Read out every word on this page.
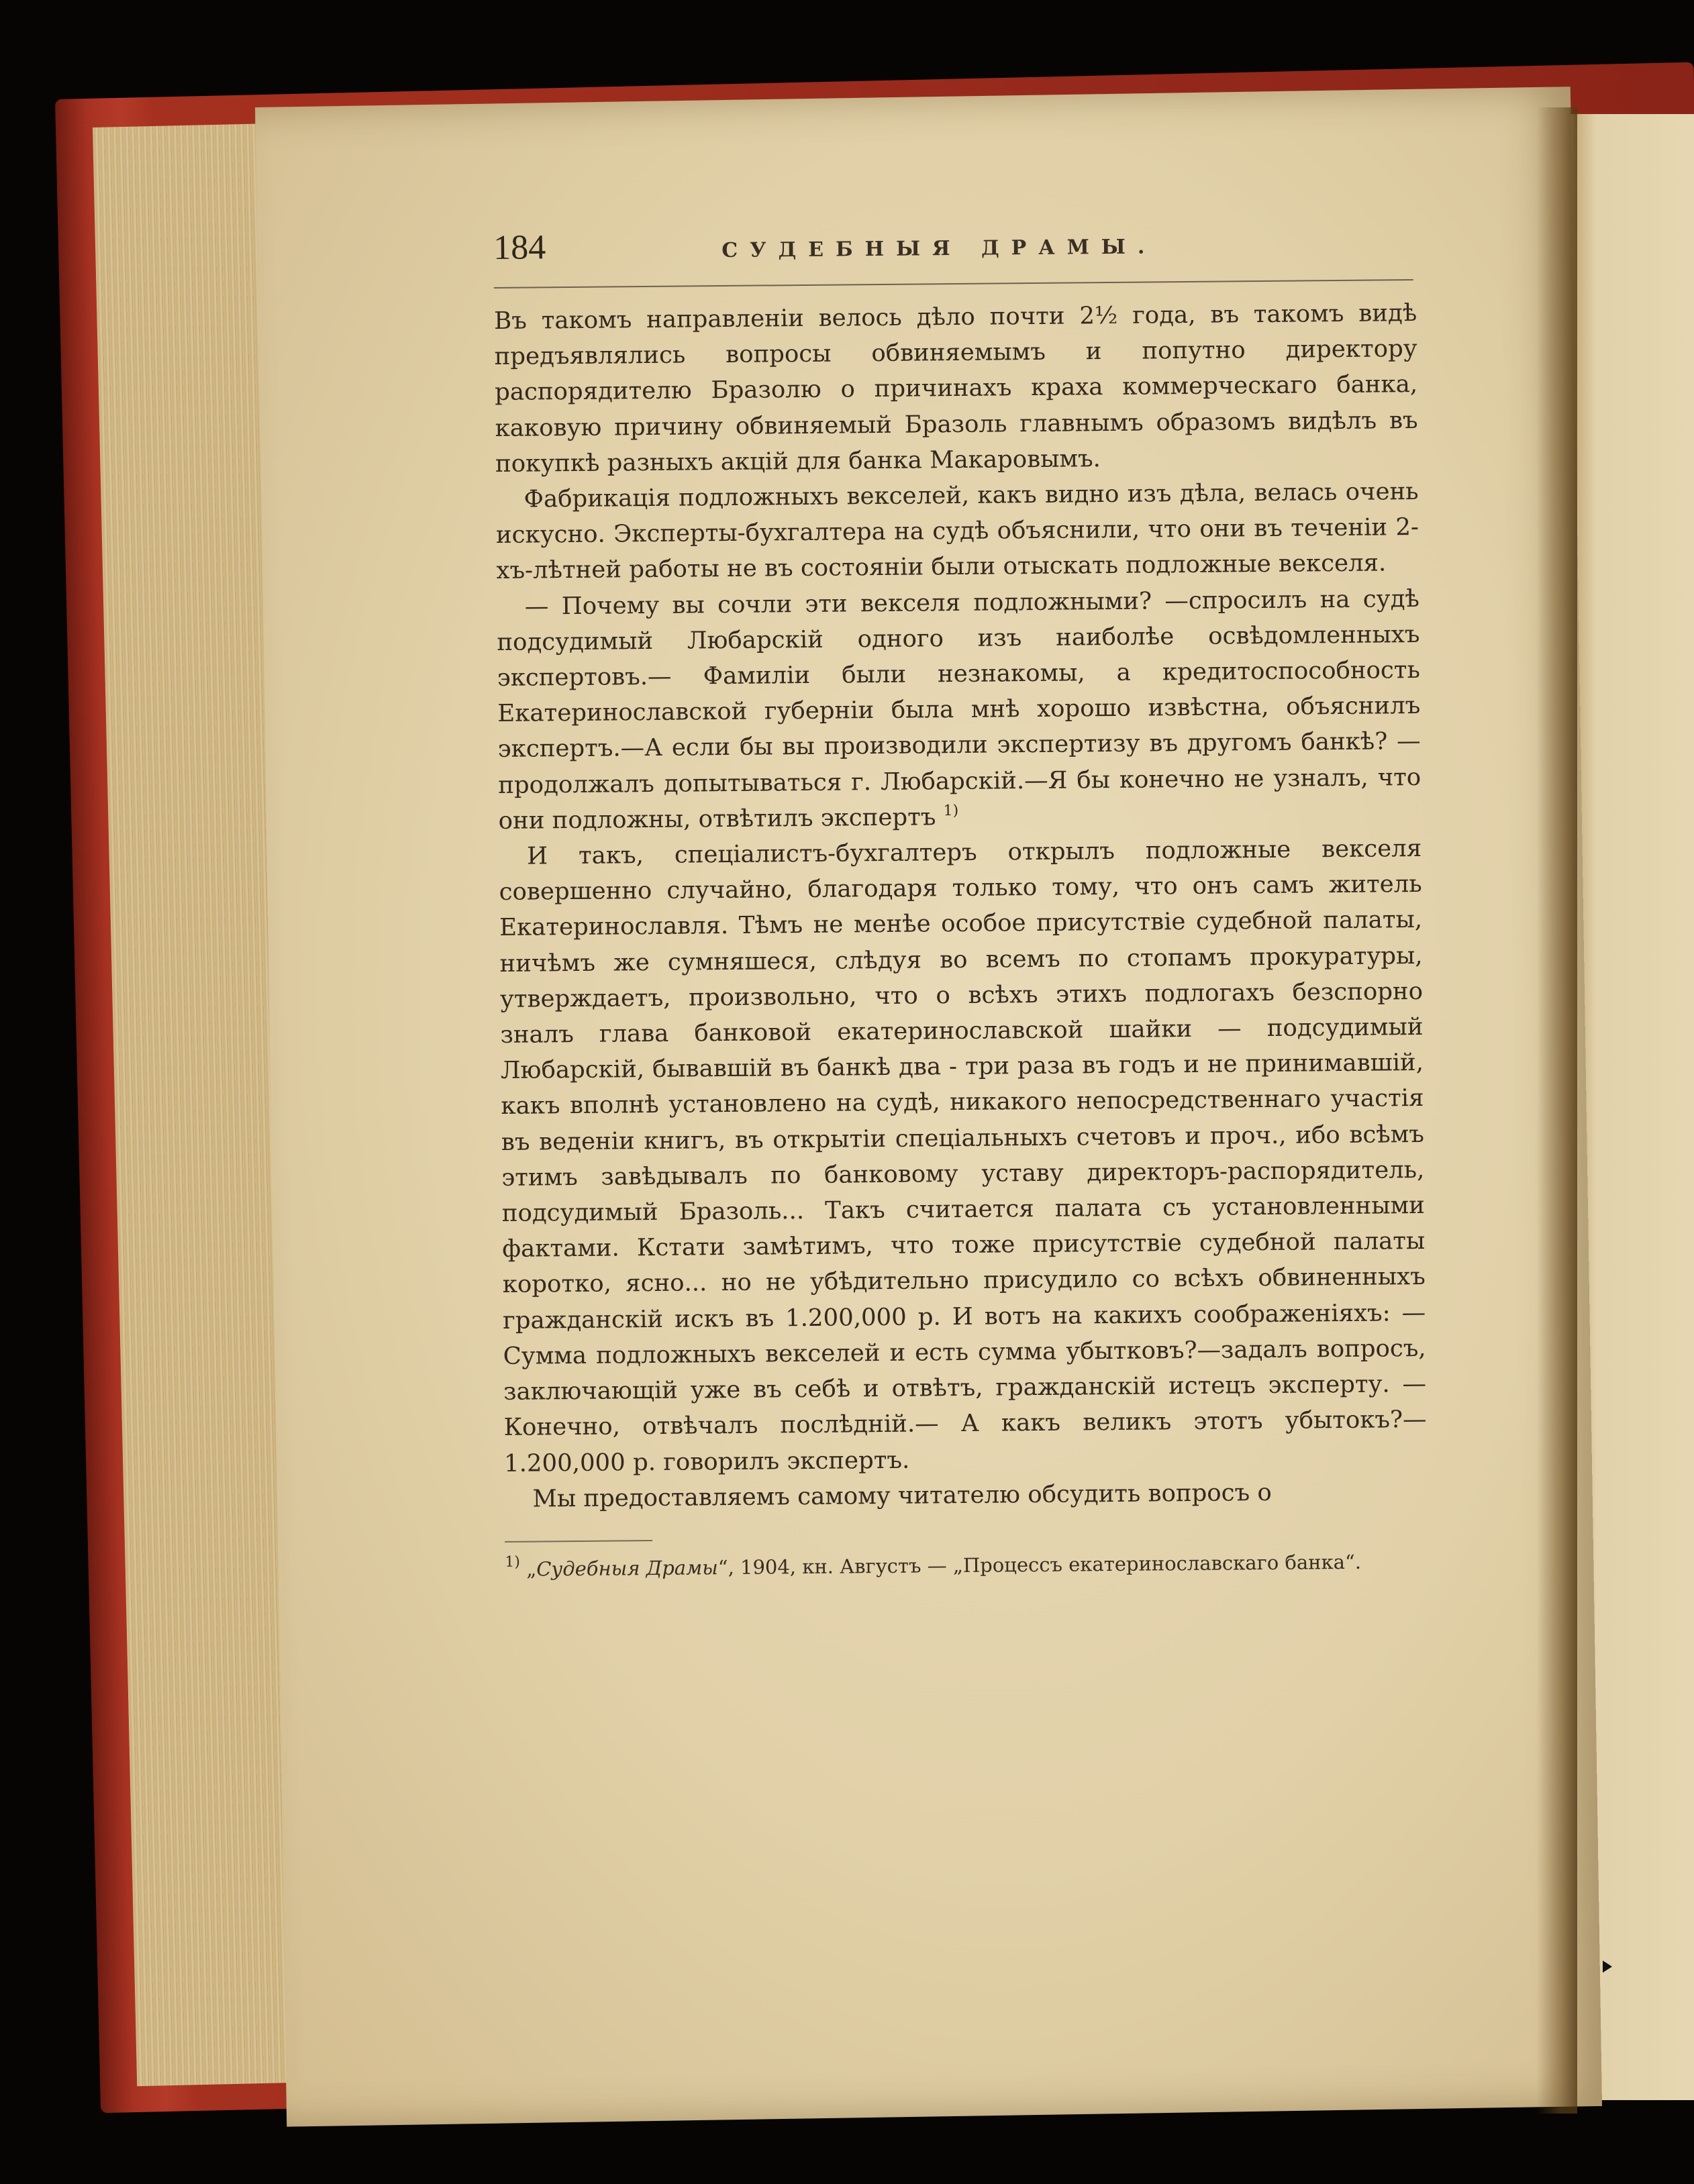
184	СУДЕБНЫЯ ДРАМЫ.

Въ такомъ направленіи велось дѣло почти 2½ года, въ такомъ видѣ предъявлялись вопросы обвиняемымъ и попутно директору распорядителю Бразолю о причинахъ краха коммерческаго банка, каковую причину обвиняемый Бразоль главнымъ образомъ видѣлъ въ покупкѣ разныхъ акцій для банка Макаровымъ.

Фабрикація подложныхъ векселей, какъ видно изъ дѣла, велась очень искусно. Эксперты-бухгалтера на судѣ объяснили, что они въ теченіи 2-хъ-лѣтней работы не въ состояніи были отыскать подложные векселя.

— Почему вы сочли эти векселя подложными? —спросилъ на судѣ подсудимый Любарскій одного изъ наиболѣе освѣдомленныхъ экспертовъ.— Фамиліи были незнакомы, а кредитоспособность Екатеринославской губерніи была мнѣ хорошо извѣстна, объяснилъ экспертъ.—А если бы вы производили экспертизу въ другомъ банкѣ? — продолжалъ допытываться г. Любарскій.—Я бы конечно не узналъ, что они подложны, отвѣтилъ экспертъ $^{1)}$

И такъ, спеціалистъ-бухгалтеръ открылъ подложные векселя совершенно случайно, благодаря только тому, что онъ самъ житель Екатеринославля. Тѣмъ не менѣе особое присутствіе судебной палаты, ничѣмъ же сумняшеся, слѣдуя во всемъ по стопамъ прокуратуры, утверждаетъ, произвольно, что о всѣхъ этихъ подлогахъ безспорно зналъ глава банковой екатеринославской шайки — подсудимый Любарскій, бывавшій въ банкѣ два - три раза въ годъ и не принимавшій, какъ вполнѣ установлено на судѣ, никакого непосредственнаго участія въ веденіи книгъ, въ открытіи спеціальныхъ счетовъ и проч., ибо всѣмъ этимъ завѣдывалъ по банковому уставу директоръ-распорядитель, подсудимый Бразоль... Такъ считается палата съ установленными фактами. Кстати замѣтимъ, что тоже присутствіе судебной палаты коротко, ясно... но не убѣдительно присудило со всѣхъ обвиненныхъ гражданскій искъ въ 1.200,000 р. И вотъ на какихъ соображеніяхъ: — Сумма подложныхъ векселей и есть сумма убытковъ?—задалъ вопросъ, заключающій уже въ себѣ и отвѣтъ, гражданскій истецъ эксперту. — Конечно, отвѣчалъ послѣдній.— А какъ великъ этотъ убытокъ?—1.200,000 р. говорилъ экспертъ.

Мы предоставляемъ самому читателю обсудить вопросъ о

$^{1)}$ „Судебныя Драмы“, 1904, кн. Августъ — „Процессъ екатеринославскаго банка“.
